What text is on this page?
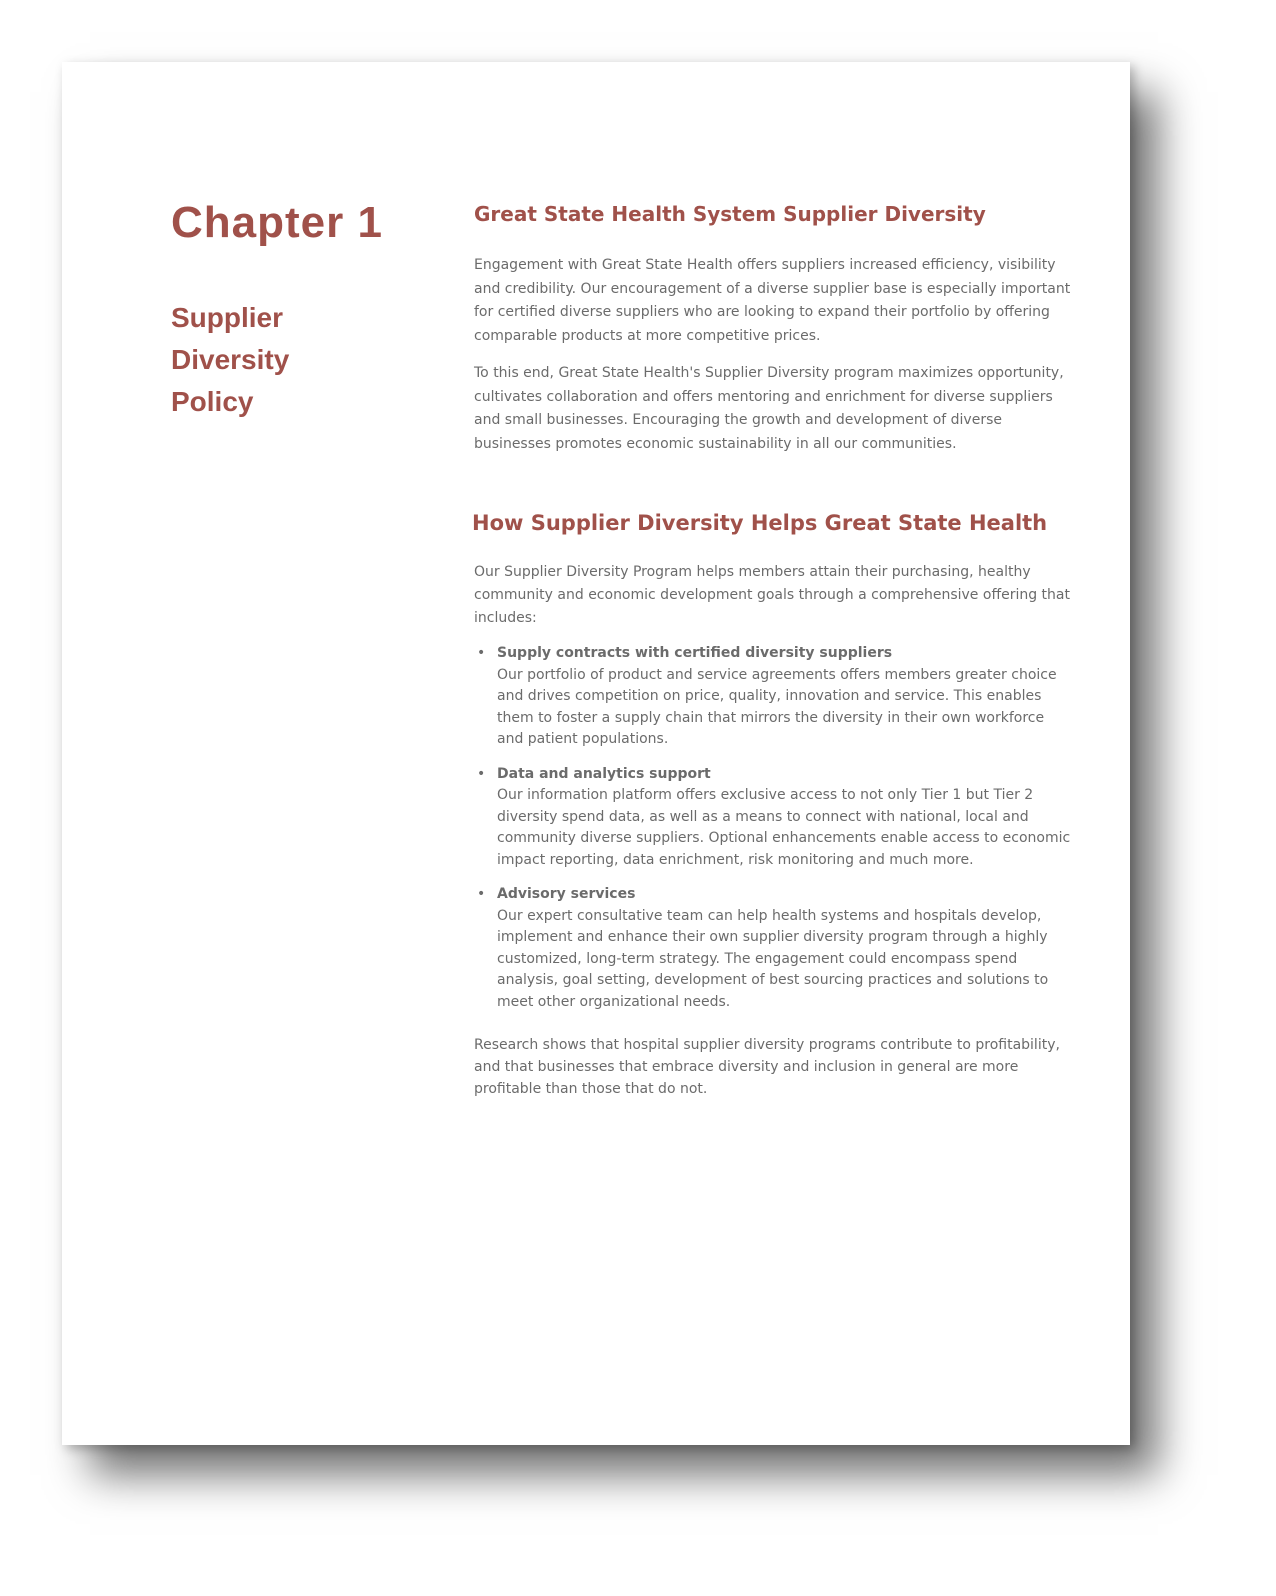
Chapter 1
Supplier Diversity Policy
Great State Health System Supplier Diversity

Engagement with Great State Health offers suppliers increased efficiency, visibility and credibility. Our encouragement of a diverse supplier base is especially important for certified diverse suppliers who are looking to expand their portfolio by offering comparable products at more competitive prices.

To this end, Great State Health's Supplier Diversity program maximizes opportunity, cultivates collaboration and offers mentoring and enrichment for diverse suppliers and small businesses. Encouraging the growth and development of diverse businesses promotes economic sustainability in all our communities.

How Supplier Diversity Helps Great State Health

Our Supplier Diversity Program helps members attain their purchasing, healthy community and economic development goals through a comprehensive offering that includes:

• Supply contracts with certified diversity suppliers
Our portfolio of product and service agreements offers members greater choice and drives competition on price, quality, innovation and service. This enables them to foster a supply chain that mirrors the diversity in their own workforce and patient populations.
• Data and analytics support
Our information platform offers exclusive access to not only Tier 1 but Tier 2 diversity spend data, as well as a means to connect with national, local and community diverse suppliers. Optional enhancements enable access to economic impact reporting, data enrichment, risk monitoring and much more.
• Advisory services
Our expert consultative team can help health systems and hospitals develop, implement and enhance their own supplier diversity program through a highly customized, long-term strategy. The engagement could encompass spend analysis, goal setting, development of best sourcing practices and solutions to meet other organizational needs.

Research shows that hospital supplier diversity programs contribute to profitability, and that businesses that embrace diversity and inclusion in general are more profitable than those that do not.
